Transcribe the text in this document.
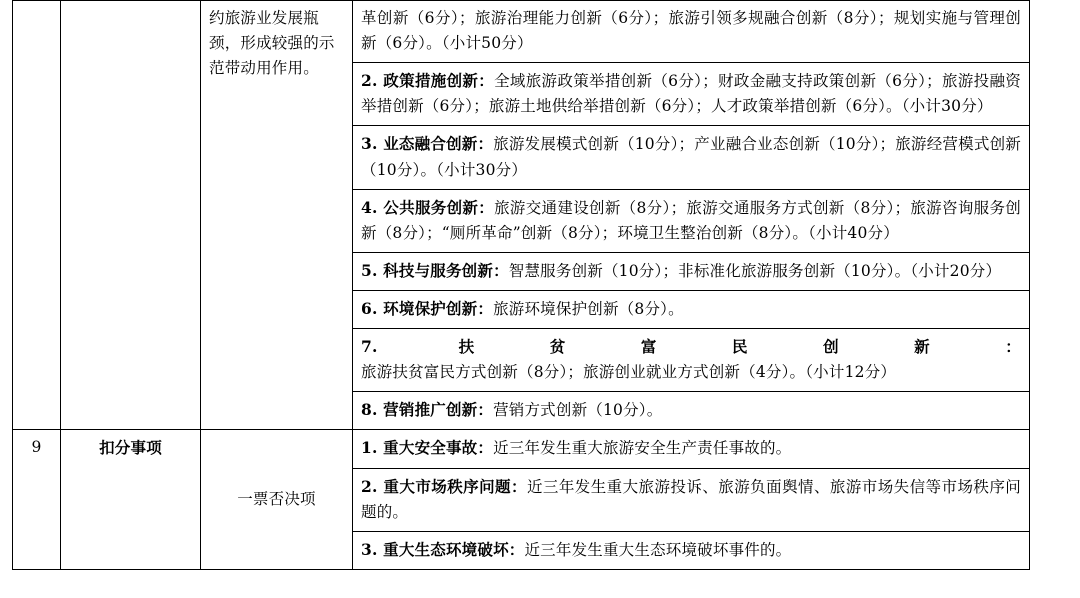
		约旅游业发展瓶颈，形成较强的示范带动用作用。	革创新（6分）；旅游治理能力创新（6分）；旅游引领多规融合创新（8分）；规划实施与管理创新（6分）。（小计50分）
			2. 政策措施创新：全域旅游政策举措创新（6分）；财政金融支持政策创新（6分）；旅游投融资举措创新（6分）；旅游土地供给举措创新（6分）；人才政策举措创新（6分）。（小计30分）
			3. 业态融合创新：旅游发展模式创新（10分）；产业融合业态创新（10分）；旅游经营模式创新（10分）。（小计30分）
			4. 公共服务创新：旅游交通建设创新（8分）；旅游交通服务方式创新（8分）；旅游咨询服务创新（8分）；“厕所革命”创新（8分）；环境卫生整治创新（8分）。（小计40分）
			5. 科技与服务创新：智慧服务创新（10分）；非标准化旅游服务创新（10分）。（小计20分）
			6. 环境保护创新：旅游环境保护创新（8分）。
			7. 扶贫富民创新：旅游扶贫富民方式创新（8分）；旅游创业就业方式创新（4分）。（小计12分）
			8. 营销推广创新：营销方式创新（10分）。
9	扣分事项	一票否决项	1. 重大安全事故：近三年发生重大旅游安全生产责任事故的。
			2. 重大市场秩序问题：近三年发生重大旅游投诉、旅游负面舆情、旅游市场失信等市场秩序问题的。
			3. 重大生态环境破坏：近三年发生重大生态环境破坏事件的。
